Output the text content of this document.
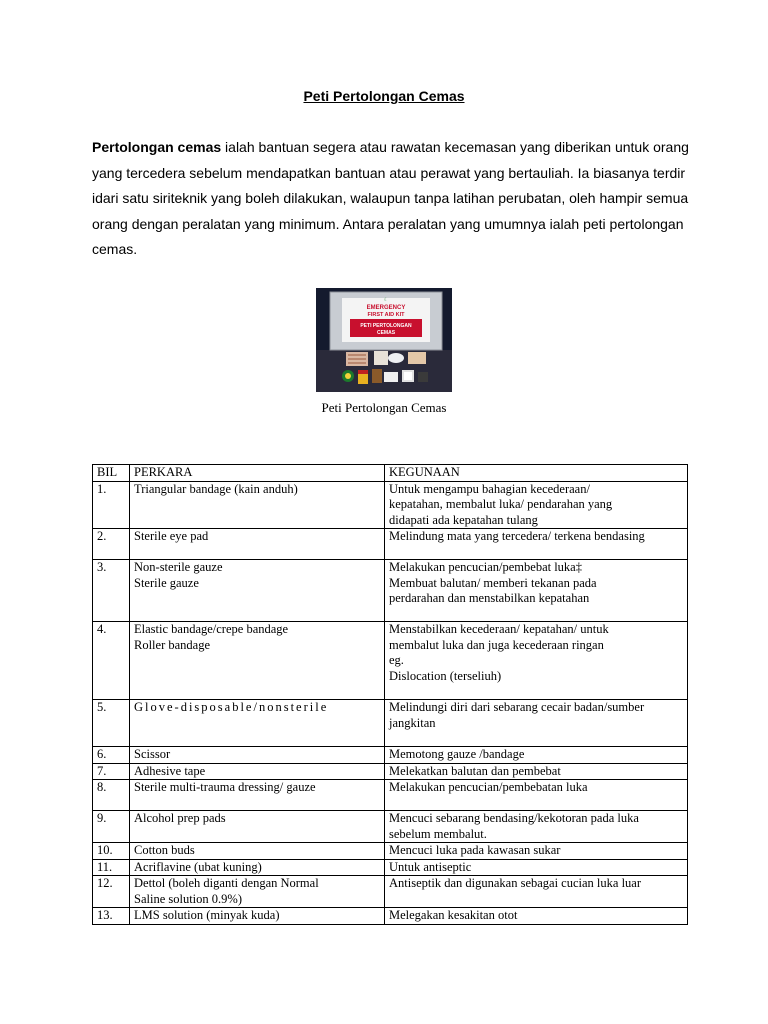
Peti Pertolongan Cemas
Pertolongan cemas ialah bantuan segera atau rawatan kecemasan yang diberikan untuk orang yang tercedera sebelum mendapatkan bantuan atau perawat yang bertauliah. Ia biasanya terdir idari satu siriteknik yang boleh dilakukan, walaupun tanpa latihan perubatan, oleh hampir semua orang dengan peralatan yang minimum. Antara peralatan yang umumnya ialah peti pertolongan cemas.
☾
EMERGENCY
FIRST AID KIT
PETI PERTOLONGAN
CEMAS
Peti Pertolongan Cemas
BIL	PERKARA	KEGUNAAN
1.	Triangular bandage (kain anduh)	Untuk mengampu bahagian kecederaan/
kepatahan, membalut luka/ pendarahan yang
didapati ada kepatahan tulang

2.	Sterile eye pad	Melindung mata yang tercedera/ terkena bendasing

3.	Non-sterile gauze
Sterile gauze	Melakukan pencucian/pembebat luka‡
Membuat balutan/ memberi tekanan pada
perdarahan dan menstabilkan kepatahan

4.	Elastic bandage/crepe bandage
Roller bandage	Menstabilkan kecederaan/ kepatahan/ untuk
membalut luka dan juga kecederaan ringan
eg.
Dislocation (terseliuh)

5.	Glove-disposable/nonsterile	Melindungi diri dari sebarang cecair badan/sumber
jangkitan

6.	Scissor	Memotong gauze /bandage

7.	Adhesive tape	Melekatkan balutan dan pembebat

8.	Sterile multi-trauma dressing/ gauze	Melakukan pencucian/pembebatan luka

9.	Alcohol prep pads	Mencuci sebarang bendasing/kekotoran pada luka
sebelum membalut.

10.	Cotton buds	Mencuci luka pada kawasan sukar

11.	Acriflavine (ubat kuning)	Untuk antiseptic

12.	Dettol (boleh diganti dengan Normal
Saline solution 0.9%)	Antiseptik dan digunakan sebagai cucian luka luar

13.	LMS solution (minyak kuda)	Melegakan kesakitan otot
